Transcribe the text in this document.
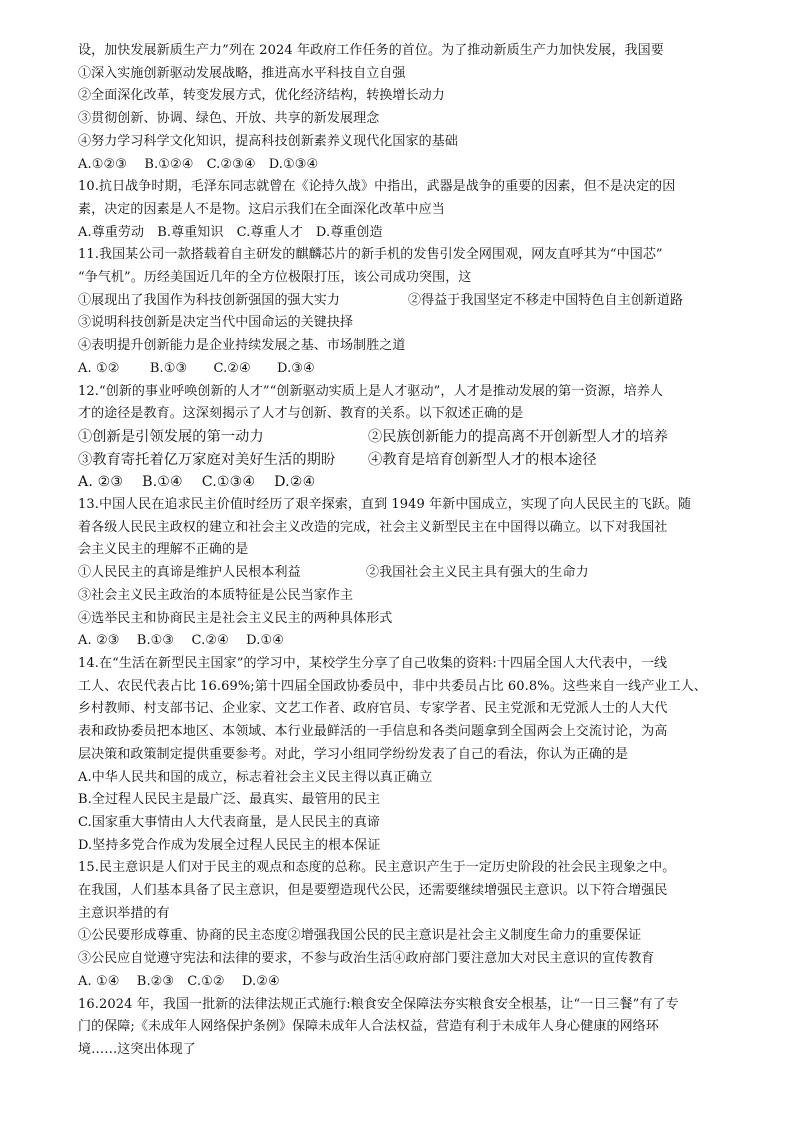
设，加快发展新质生产力”列在 2024 年政府工作任务的首位。为了推动新质生产力加快发展，我国要
①深入实施创新驱动发展战略，推进高水平科技自立自强
②全面深化改革，转变发展方式，优化经济结构，转换增长动力
③贯彻创新、协调、绿色、开放、共享的新发展理念
④努力学习科学文化知识，提高科技创新素养义现代化国家的基础
A.①②③　 B.①②④　C.②③④　D.①③④
10.抗日战争时期，毛泽东同志就曾在《论持久战》中指出，武器是战争的重要的因素，但不是决定的因
素，决定的因素是人不是物。这启示我们在全面深化改革中应当
A.尊重劳动　B.尊重知识　C.尊重人才　D.尊重创造
11.我国某公司一款搭载着自主研发的麒麟芯片的新手机的发售引发全网围观，网友直呼其为“中国芯”
“争气机”。历经美国近几年的全方位极限打压，该公司成功突围，这
①展现出了我国作为科技创新强国的强大实力	②得益于我国坚定不移走中国特色自主创新道路
③说明科技创新是决定当代中国命运的关键抉择
④表明提升创新能力是企业持续发展之基、市场制胜之道
A. ①②　　 B.①③　　C.②④　　D.③④
12.“创新的事业呼唤创新的人才”“创新驱动实质上是人才驱动”，人才是推动发展的第一资源，培养人
才的途径是教育。这深刻揭示了人才与创新、教育的关系。以下叙述正确的是
①创新是引领发展的第一动力	②民族创新能力的提高离不开创新型人才的培养
③教育寄托着亿万家庭对美好生活的期盼 ④教育是培育创新型人才的根本途径
A. ②③　 B.①④　 C.①③④　 D.②④
13.中国人民在追求民主价值时经历了艰辛探索，直到 1949 年新中国成立，实现了向人民民主的飞跃。随
着各级人民民主政权的建立和社会主义改造的完成，社会主义新型民主在中国得以确立。以下对我国社
会主义民主的理解不正确的是
①人民民主的真谛是维护人民根本利益	②我国社会主义民主具有强大的生命力
③社会主义民主政治的本质特征是公民当家作主
④选举民主和协商民主是社会主义民主的两种具体形式
A. ②③　 B.①③　 C.②④　 D.①④
14.在“生活在新型民主国家”的学习中，某校学生分享了自己收集的资料:十四届全国人大代表中，一线
工人、农民代表占比 16.69%;第十四届全国政协委员中，非中共委员占比 60.8%。这些来自一线产业工人、
乡村教师、村支部书记、企业家、文艺工作者、政府官员、专家学者、民主党派和无党派人士的人大代
表和政协委员把本地区、本领域、本行业最鲜活的一手信息和各类问题拿到全国两会上交流讨论，为高
层决策和政策制定提供重要参考。对此，学习小组同学纷纷发表了自己的看法，你认为正确的是
A.中华人民共和国的成立，标志着社会主义民主得以真正确立
B.全过程人民民主是最广泛、最真实、最管用的民主
C.国家重大事情由人大代表商量，是人民民主的真谛
D.坚持多党合作成为发展全过程人民民主的根本保证
15.民主意识是人们对于民主的观点和态度的总称。民主意识产生于一定历史阶段的社会民主现象之中。
在我国，人们基本具备了民主意识，但是要塑造现代公民，还需要继续增强民主意识。以下符合增强民
主意识举措的有
①公民要形成尊重、协商的民主态度②增强我国公民的民主意识是社会主义制度生命力的重要保证
③公民应自觉遵守宪法和法律的要求，不参与政治生活④政府部门要注意加大对民主意识的宣传教育
A. ①④　 B.②③　C.①②　 D.②④
16.2024 年，我国一批新的法律法规正式施行:粮食安全保障法夯实粮食安全根基，让“一日三餐”有了专
门的保障;《未成年人网络保护条例》保障未成年人合法权益，营造有利于未成年人身心健康的网络环
境……这突出体现了
